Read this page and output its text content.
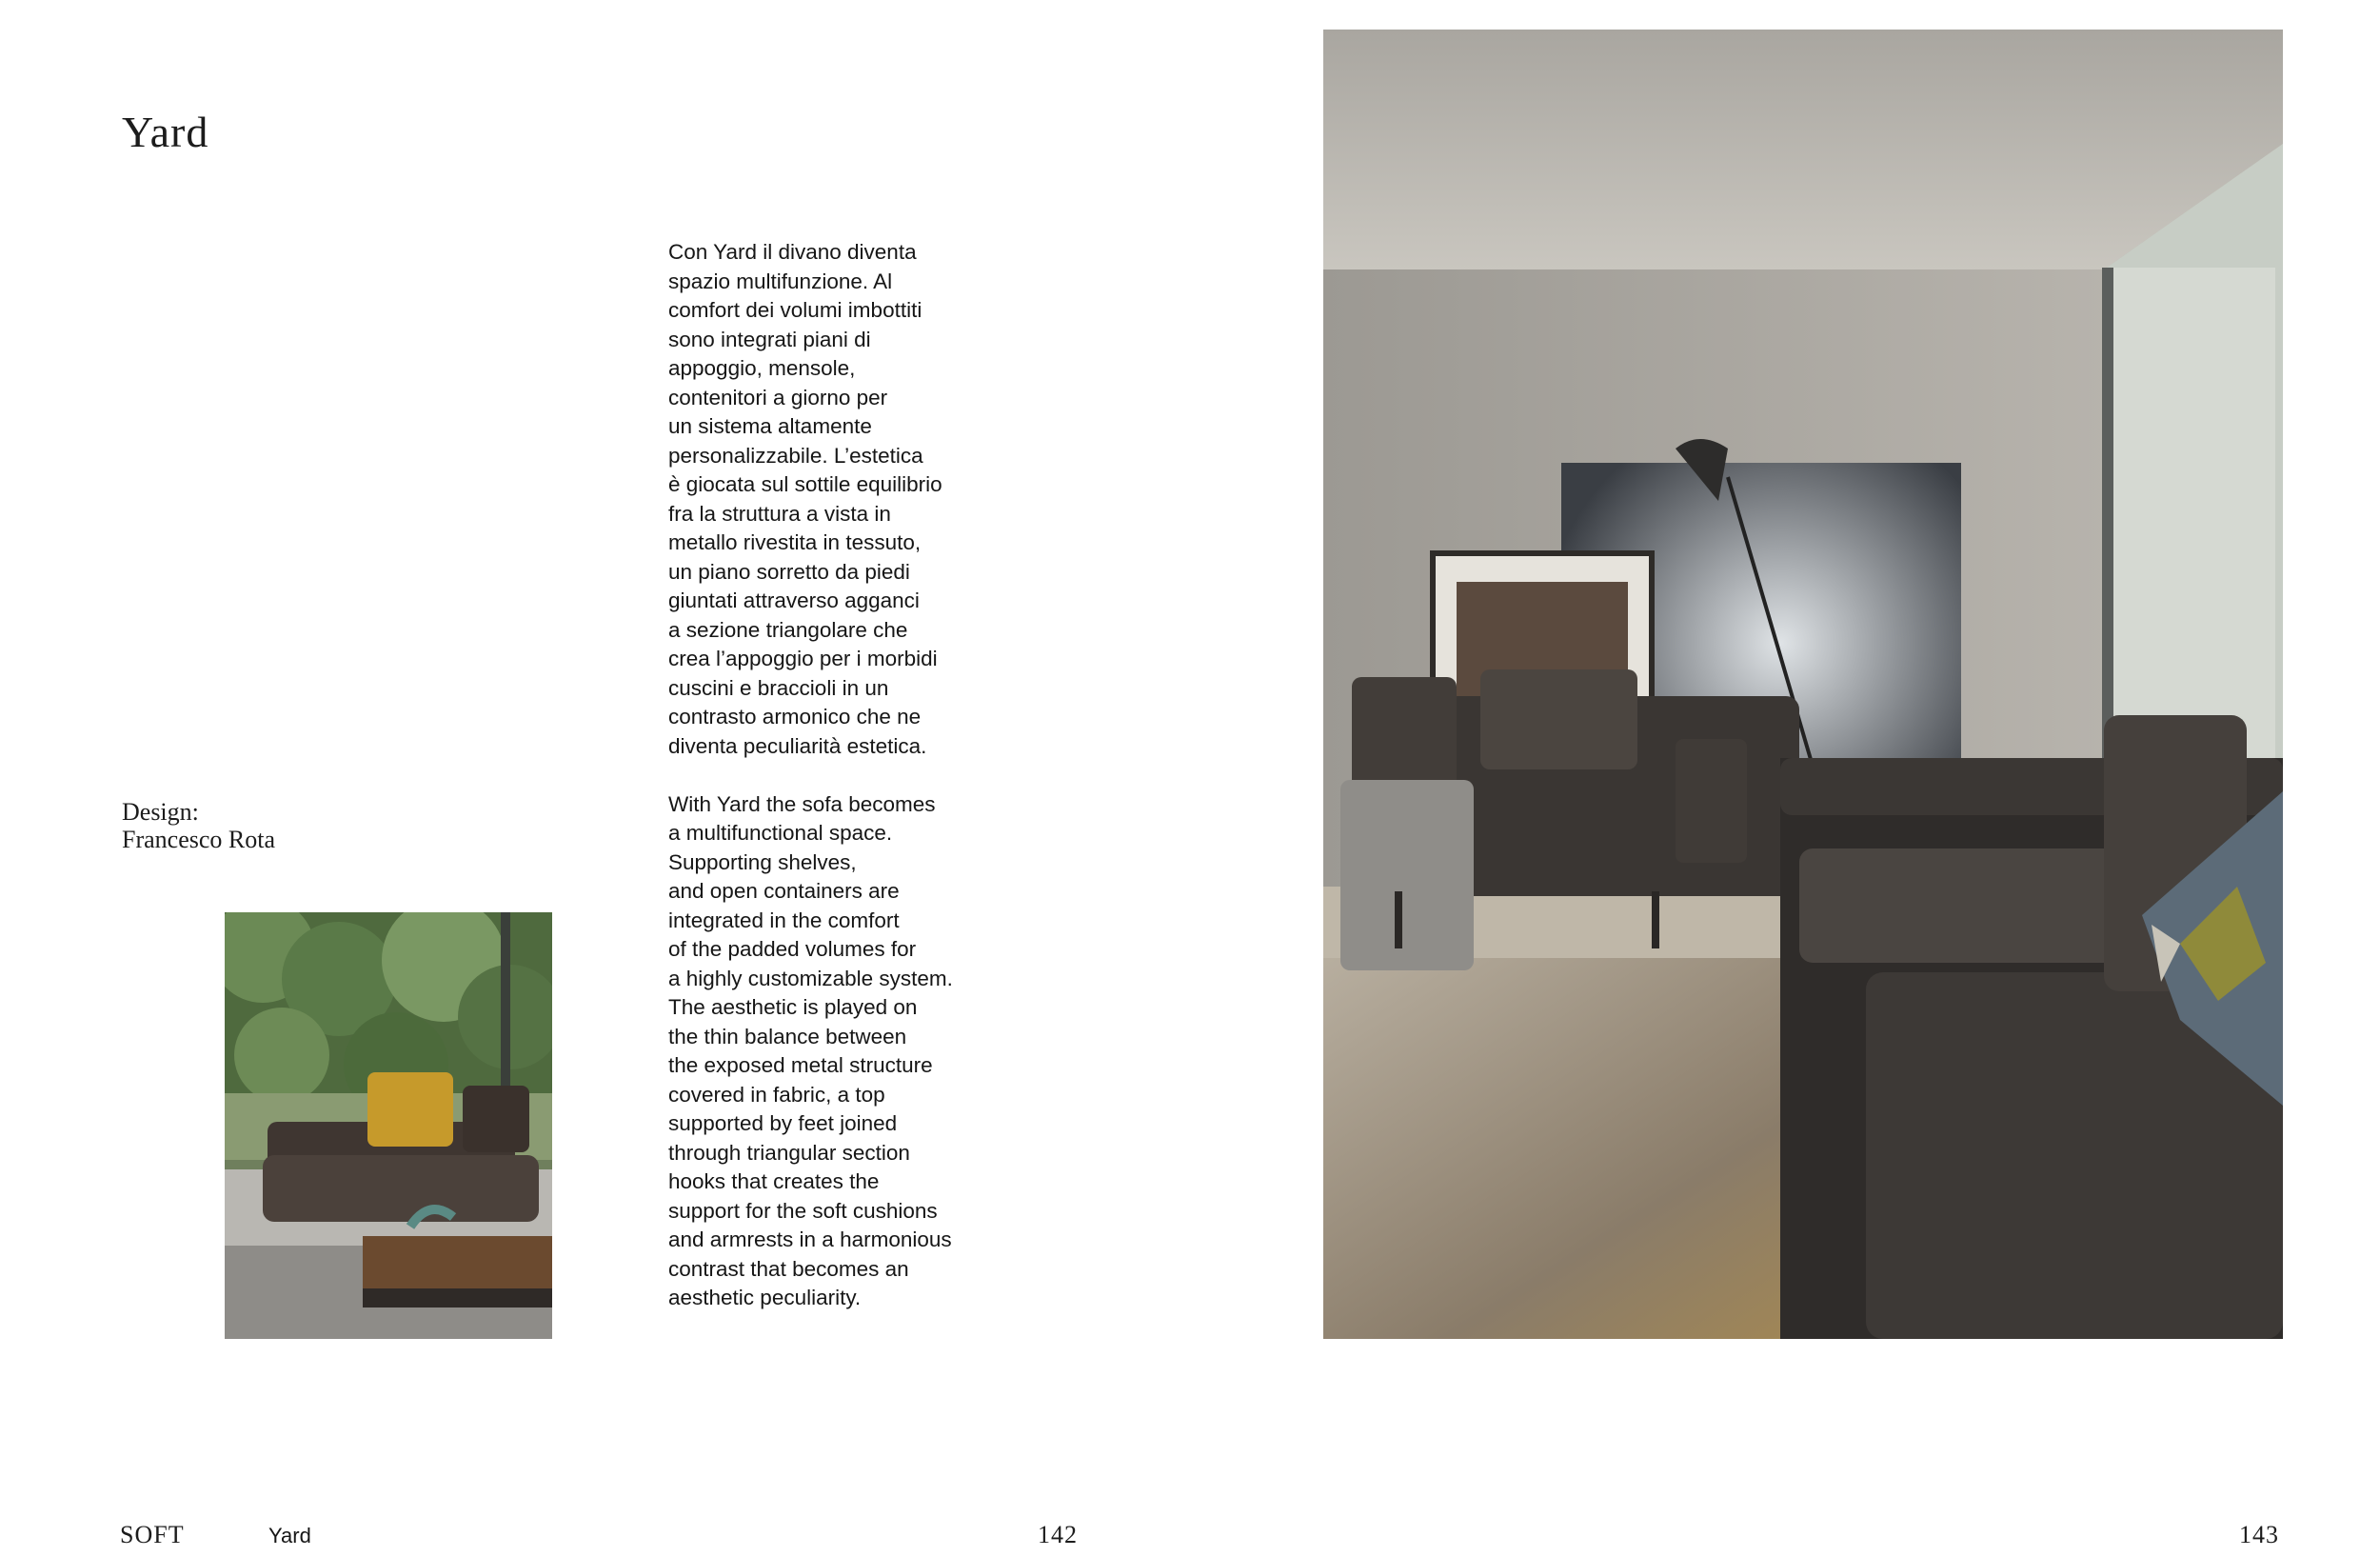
Yard
Design:
Francesco Rota
Con Yard il divano diventa
spazio multifunzione. Al
comfort dei volumi imbottiti
sono integrati piani di
appoggio, mensole,
contenitori a giorno per
un sistema altamente
personalizzabile. L’estetica
è giocata sul sottile equilibrio
fra la struttura a vista in
metallo rivestita in tessuto,
un piano sorretto da piedi
giuntati attraverso agganci
a sezione triangolare che
crea l’appoggio per i morbidi
cuscini e braccioli in un
contrasto armonico che ne
diventa peculiarità estetica.
With Yard the sofa becomes
a multifunctional space.
Supporting shelves,
and open containers are
integrated in the comfort
of the padded volumes for
a highly customizable system.
The aesthetic is played on
the thin balance between
the exposed metal structure
covered in fabric, a top
supported by feet joined
through triangular section
hooks that creates the
support for the soft cushions
and armrests in a harmonious
contrast that becomes an
aesthetic peculiarity.
SOFT	Yard	142	143
